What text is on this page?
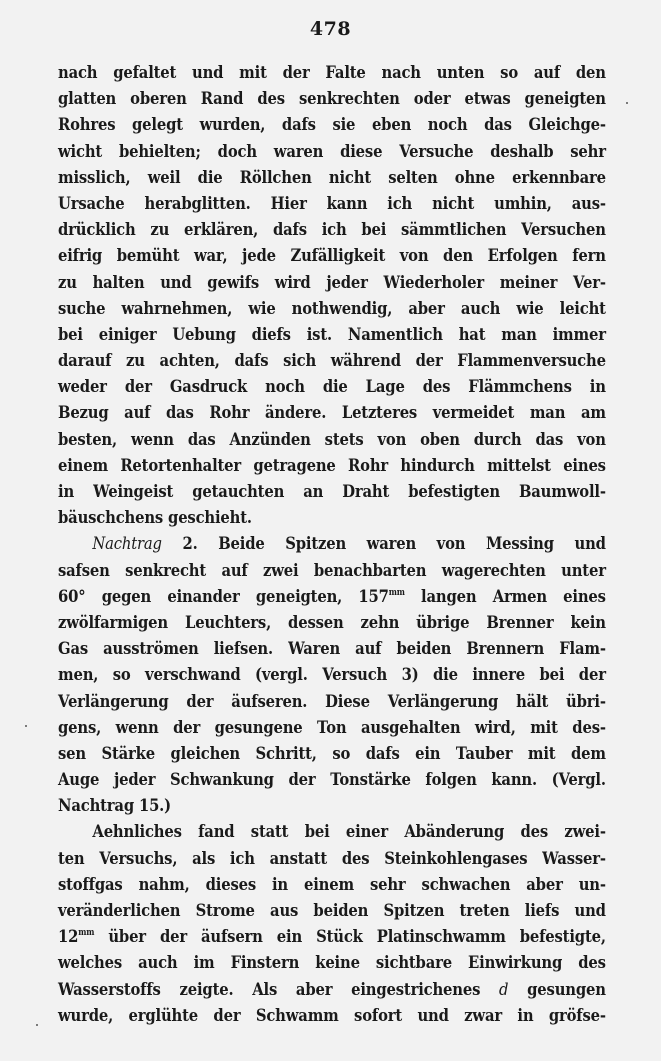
478
nach gefaltet und mit der Falte nach unten so auf den
glatten oberen Rand des senkrechten oder etwas geneigten
Rohres gelegt wurden, dafs sie eben noch das Gleichge-
wicht behielten; doch waren diese Versuche deshalb sehr
misslich, weil die Röllchen nicht selten ohne erkennbare
Ursache herabglitten. Hier kann ich nicht umhin, aus-
drücklich zu erklären, dafs ich bei sämmtlichen Versuchen
eifrig bemüht war, jede Zufälligkeit von den Erfolgen fern
zu halten und gewifs wird jeder Wiederholer meiner Ver-
suche wahrnehmen, wie nothwendig, aber auch wie leicht
bei einiger Uebung diefs ist. Namentlich hat man immer
darauf zu achten, dafs sich während der Flammenversuche
weder der Gasdruck noch die Lage des Flämmchens in
Bezug auf das Rohr ändere. Letzteres vermeidet man am
besten, wenn das Anzünden stets von oben durch das von
einem Retortenhalter getragene Rohr hindurch mittelst eines
in Weingeist getauchten an Draht befestigten Baumwoll-
bäuschchens geschieht.
Nachtrag 2. Beide Spitzen waren von Messing und
safsen senkrecht auf zwei benachbarten wagerechten unter
60° gegen einander geneigten, $157^{mm}$ langen Armen eines
zwölfarmigen Leuchters, dessen zehn übrige Brenner kein
Gas ausströmen liefsen. Waren auf beiden Brennern Flam-
men, so verschwand (vergl. Versuch 3) die innere bei der
Verlängerung der äufseren. Diese Verlängerung hält übri-
gens, wenn der gesungene Ton ausgehalten wird, mit des-
sen Stärke gleichen Schritt, so dafs ein Tauber mit dem
Auge jeder Schwankung der Tonstärke folgen kann. (Vergl.
Nachtrag 15.)
Aehnliches fand statt bei einer Abänderung des zwei-
ten Versuchs, als ich anstatt des Steinkohlengases Wasser-
stoffgas nahm, dieses in einem sehr schwachen aber un-
veränderlichen Strome aus beiden Spitzen treten liefs und
$12^{mm}$ über der äufsern ein Stück Platinschwamm befestigte,
welches auch im Finstern keine sichtbare Einwirkung des
Wasserstoffs zeigte. Als aber eingestrichenes d gesungen
wurde, erglühte der Schwamm sofort und zwar in gröfse-
